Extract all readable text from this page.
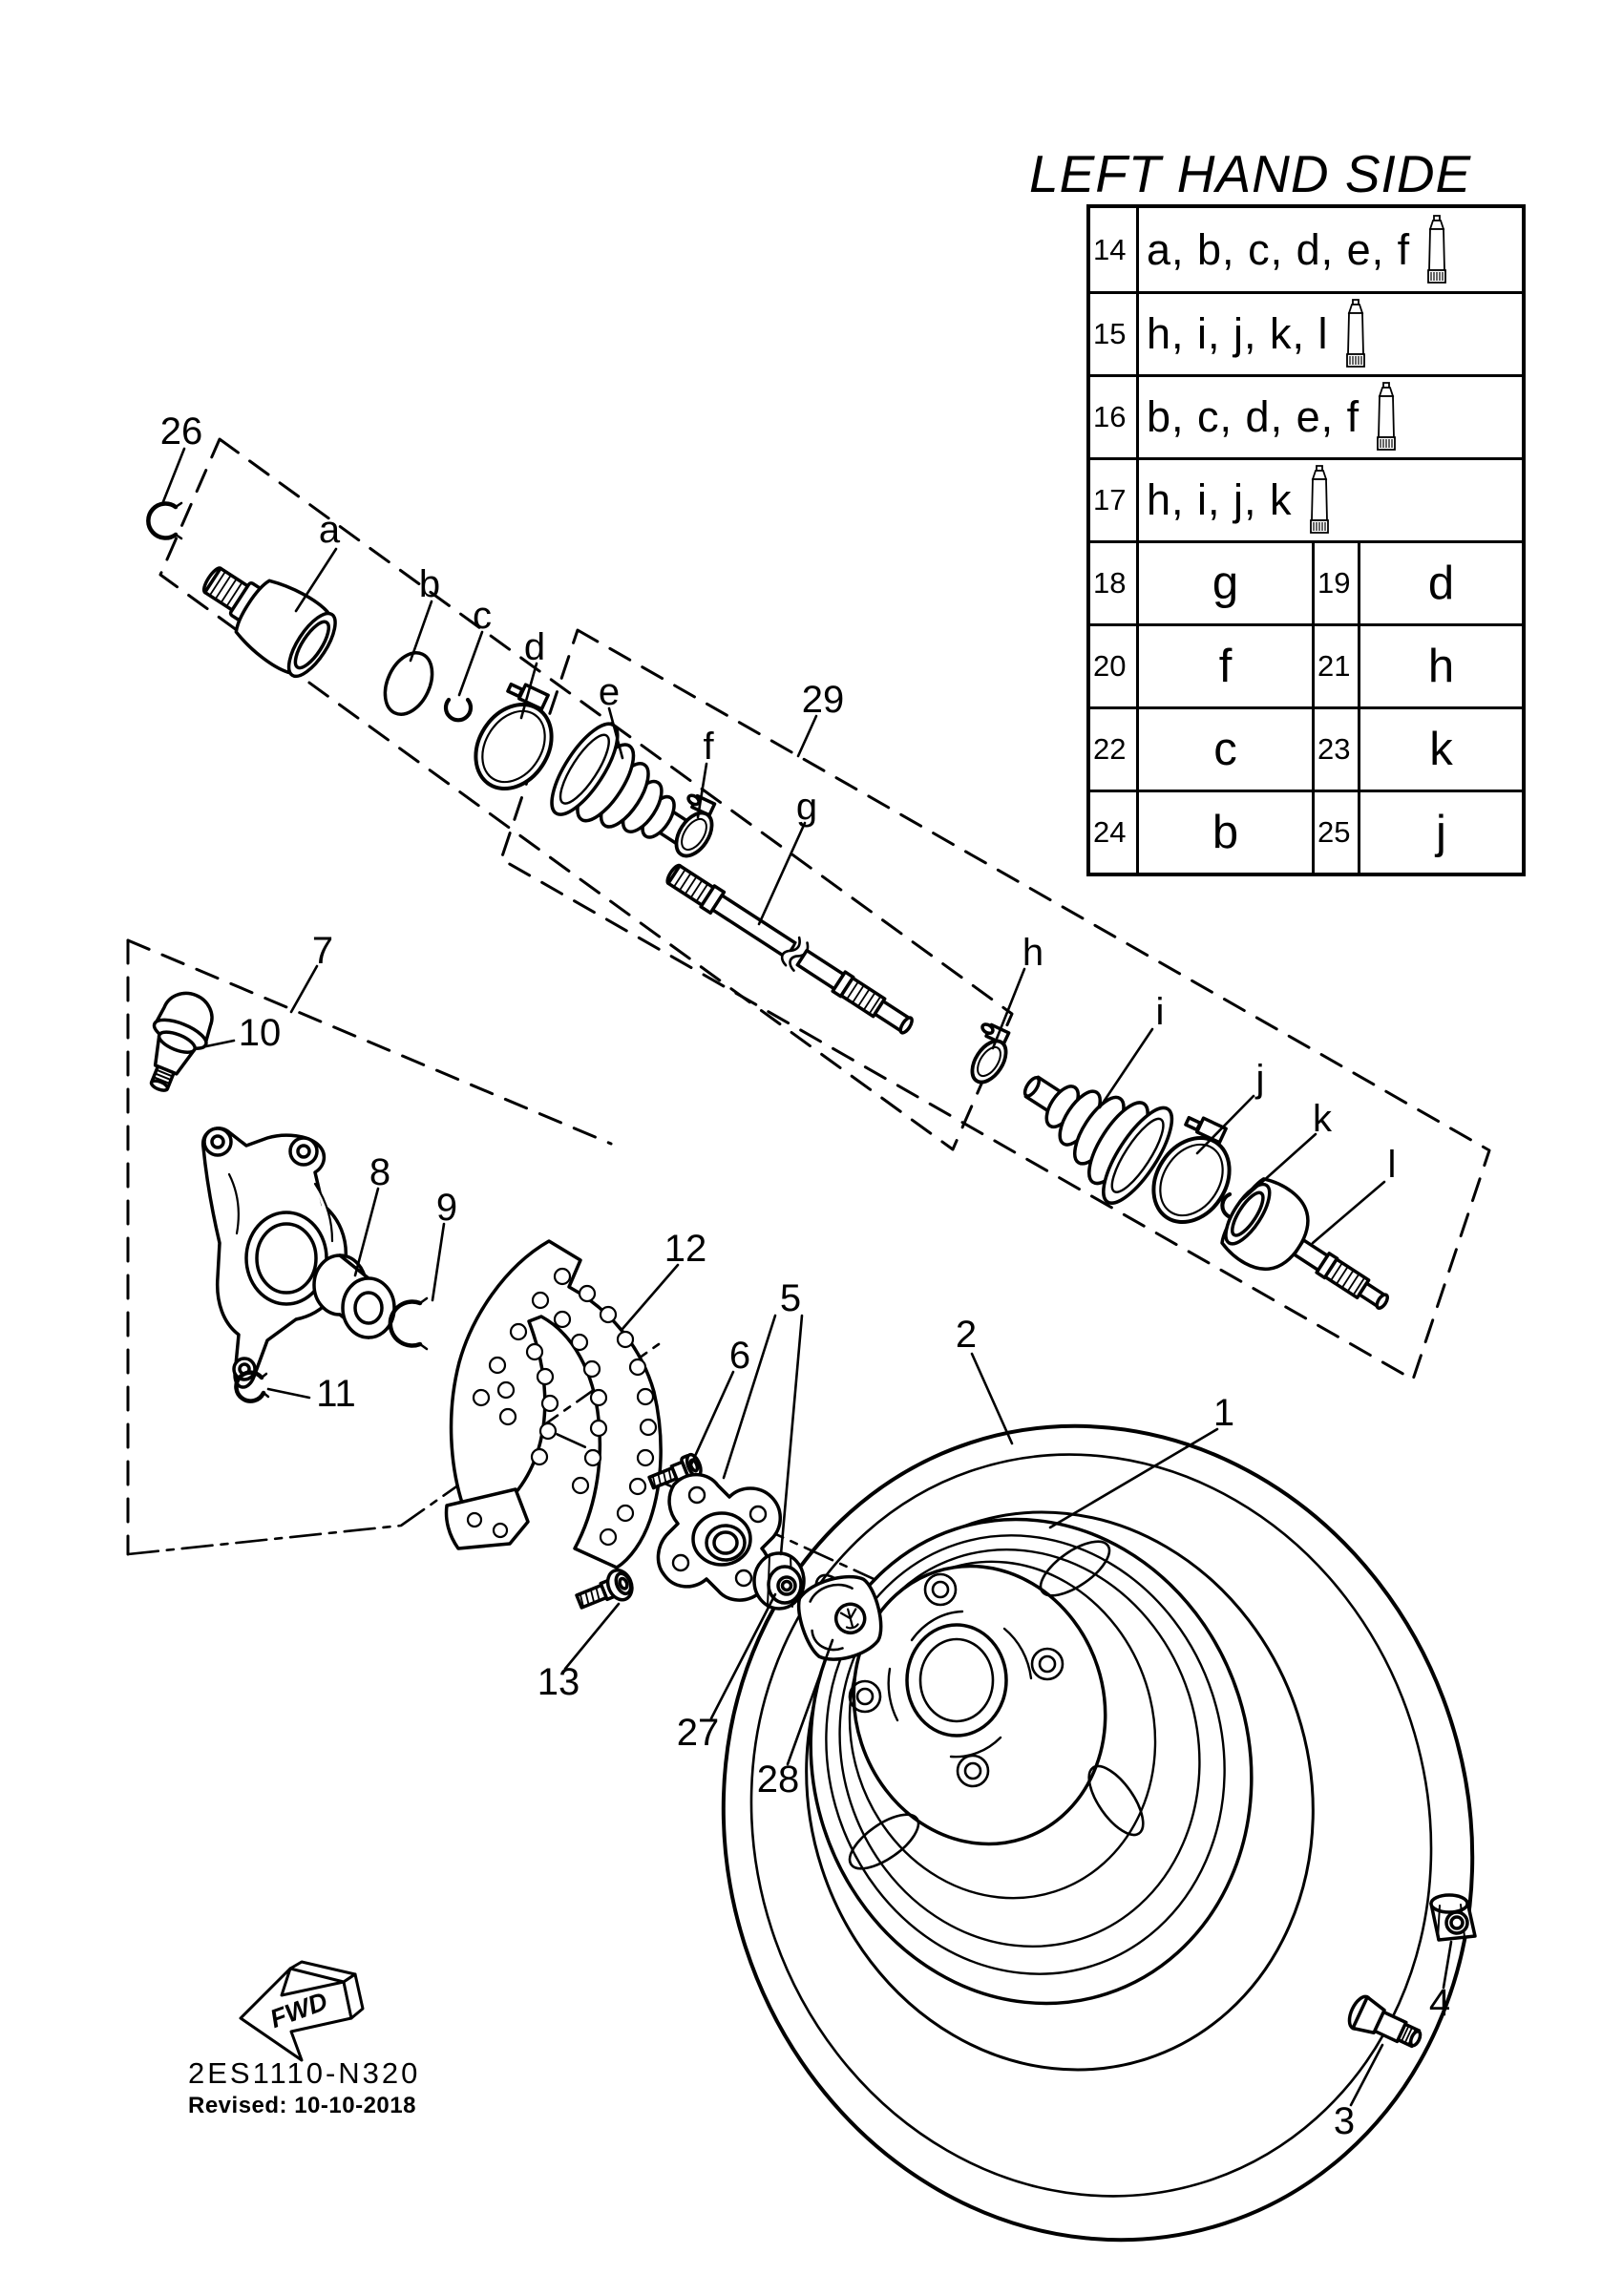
26
a
b
c
d
e
f
29
g
h
i
j
k
l
7
10
8
9
11
12
5
6	2
1
13
27
28
4
3
FWD
LEFT HAND SIDE
14 a, b, c, d, e, f
15 h, i, j, k, l
16 b, c, d, e, f
17 h, i, j, k
18	g	19	d
20	f	21	h
22	c	23	k
24	b	25	j
2ES1110-N320
Revised: 10-10-2018
